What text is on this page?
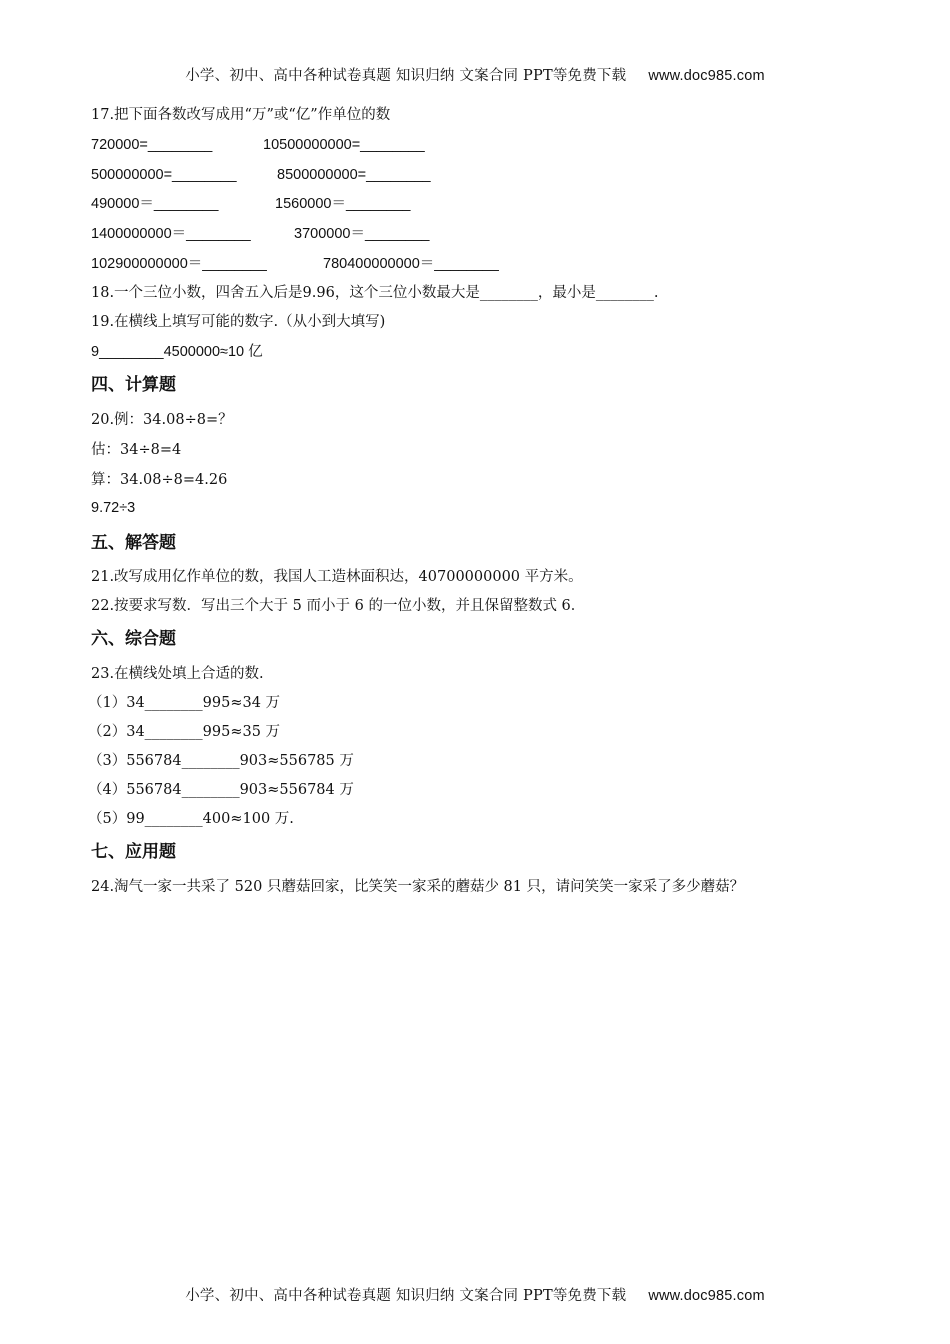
小学、初中、高中各种试卷真题 知识归纳 文案合同 PPT等免费下载 www.doc985.com
17.把下面各数改写成用“万”或“亿”作单位的数
720000=________	10500000000=________
500000000=________	8500000000=________
490000＝________	1560000＝________
1400000000＝________	3700000＝________
102900000000＝________	780400000000＝________
18.一个三位小数，四舍五入后是9.96，这个三位小数最大是________，最小是________.
19.在横线上填写可能的数字.（从小到大填写)
9________4500000≈10 亿
四、计算题
20.例：34.08÷8=？
估：34÷8=4
算：34.08÷8=4.26
9.72÷3
五、解答题
21.改写成用亿作单位的数，我国人工造林面积达，40700000000 平方米。
22.按要求写数．写出三个大于 5 而小于 6 的一位小数，并且保留整数式 6．
六、综合题
23.在横线处填上合适的数.
（1）34________995≈34 万
（2）34________995≈35 万
（3）556784________903≈556785 万
（4）556784________903≈556784 万
（5）99________400≈100 万.
七、应用题
24.淘气一家一共采了 520 只蘑菇回家，比笑笑一家采的蘑菇少 81 只，请问笑笑一家采了多少蘑菇？
小学、初中、高中各种试卷真题 知识归纳 文案合同 PPT等免费下载 www.doc985.com
